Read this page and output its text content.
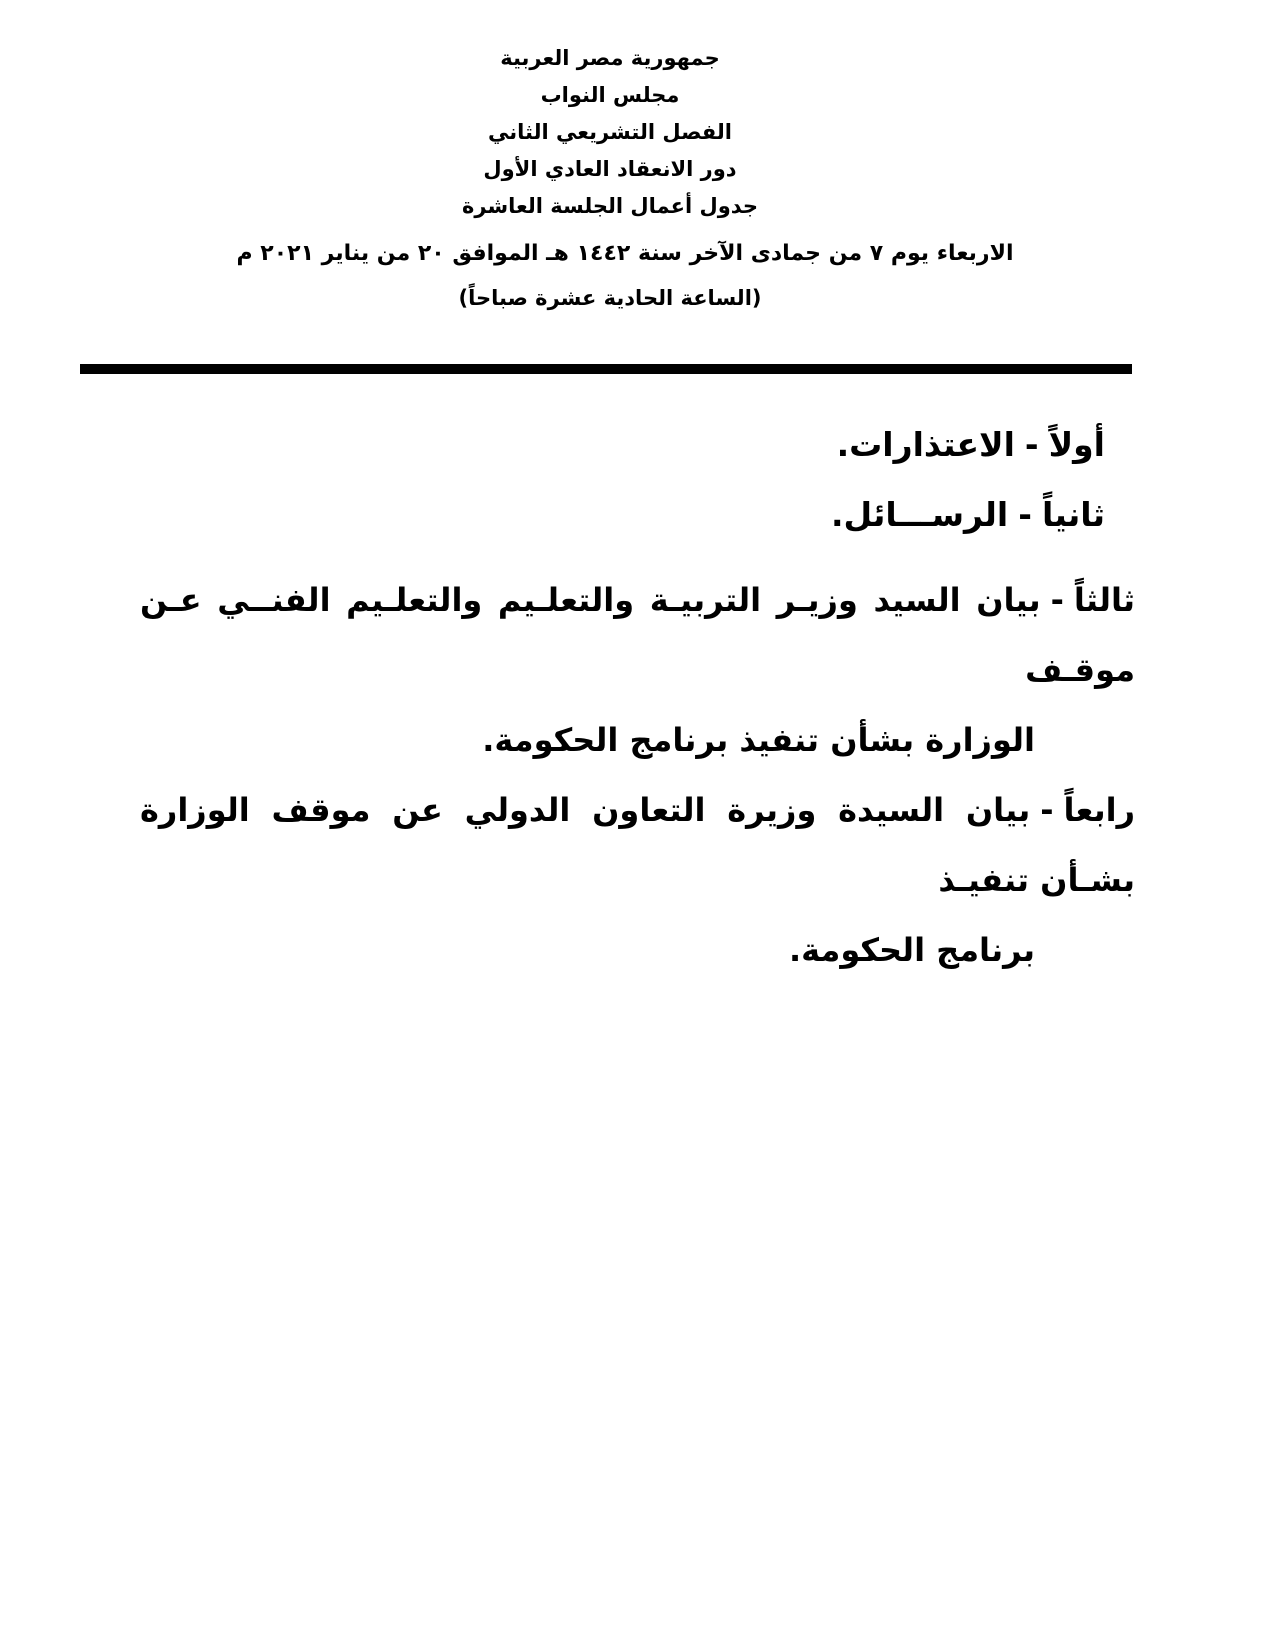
جمهورية مصر العربية
مجلس النواب
الفصل التشريعي الثاني
دور الانعقاد العادي الأول
جدول أعمال الجلسة العاشرة
الاربعاء يوم ٧ من جمادى الآخر سنة ١٤٤٢ هـ الموافق ٢٠ من يناير ٢٠٢١ م
(الساعة الحادية عشرة صباحاً)
أولاً-الاعتذارات.
ثانياً-الرســـائل.
ثالثاً-بيان السيد وزيـر التربيـة والتعلـيم والتعلـيم الفنــي عـن موقـف
الوزارة بشأن تنفيذ برنامج الحكومة.
رابعاً-بيان السيدة وزيرة التعاون الدولي عن موقف الوزارة بشـأن تنفيـذ
برنامج الحكومة.
